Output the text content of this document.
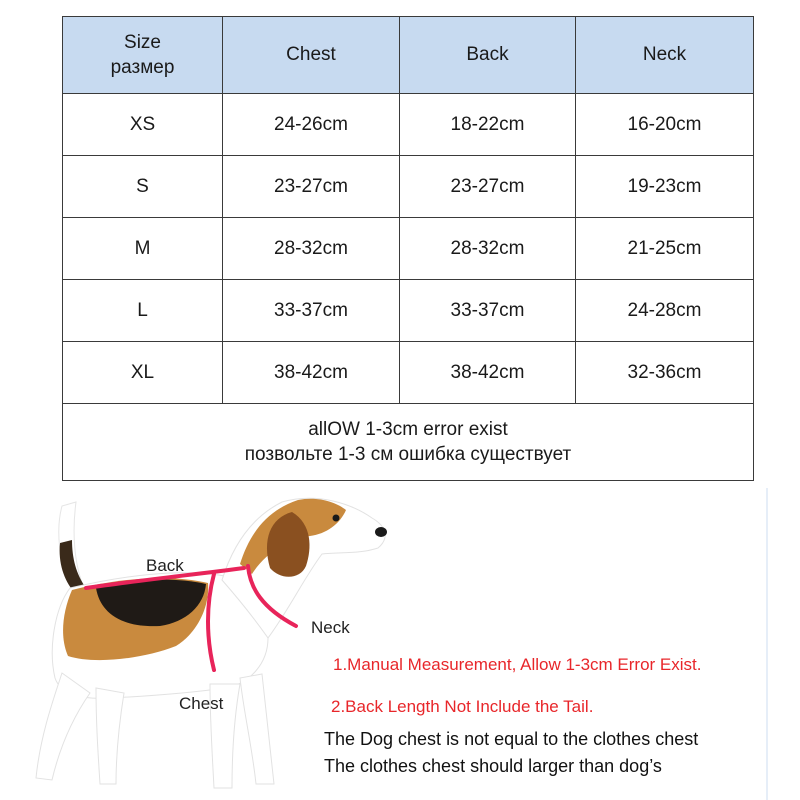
Size
размер	Chest	Back	Neck
XS	24-26cm	18-22cm	16-20cm
S	23-27cm	23-27cm	19-23cm
M	28-32cm	28-32cm	21-25cm
L	33-37cm	33-37cm	24-28cm
XL	38-42cm	38-42cm	32-36cm

allOW 1-3cm error exist
позвольте 1-3 см ошибка существует			
Back
Neck
Chest
1.Manual Measurement, Allow 1-3cm Error Exist.
2.Back Length Not Include the Tail.
The Dog chest is not equal to the clothes chest
The clothes chest should larger than dog’s
